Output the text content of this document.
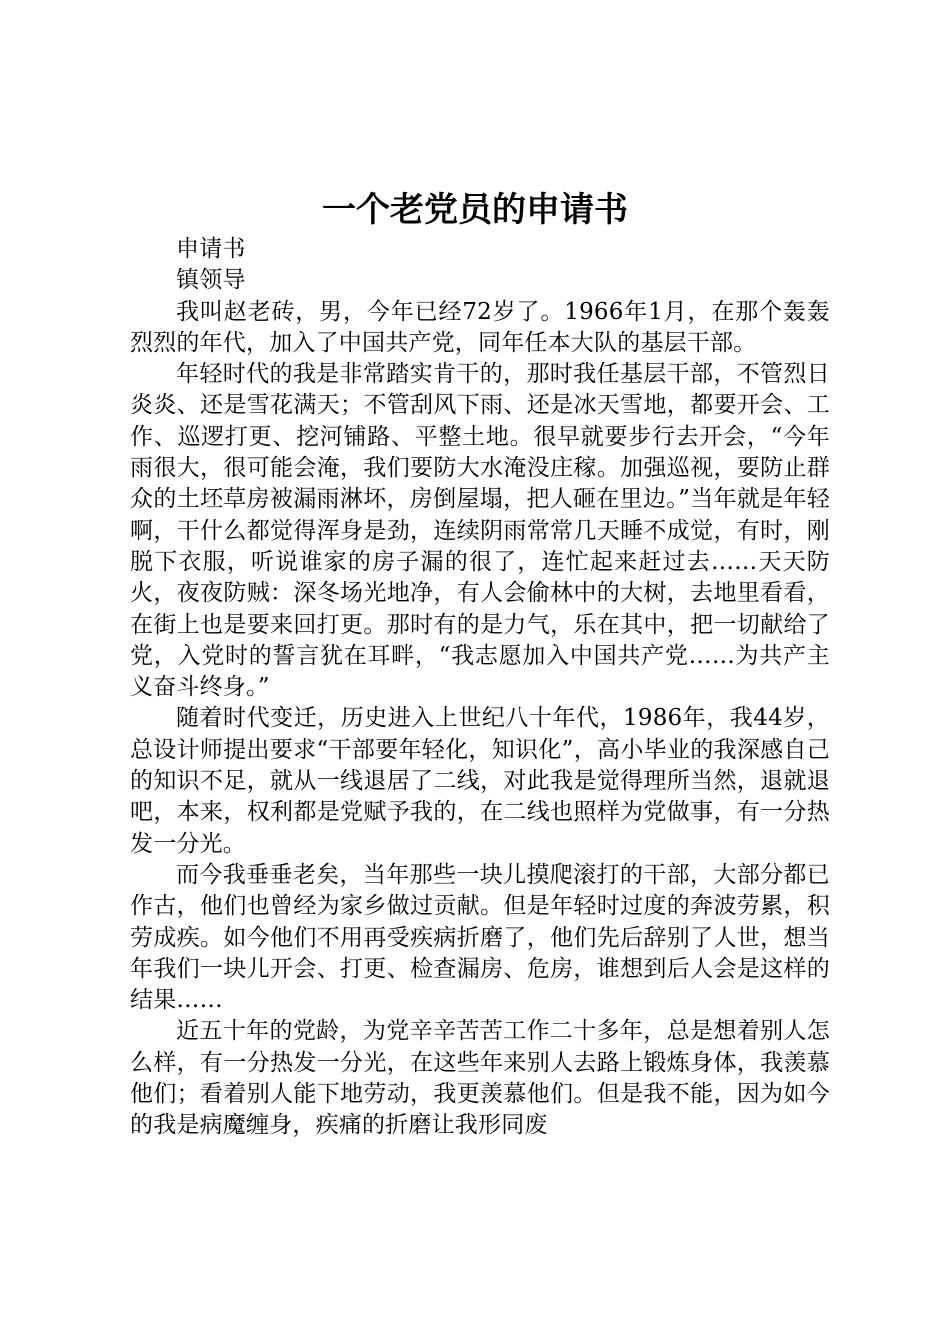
一个老党员的申请书

申请书

镇领导

我叫赵老砖，男，今年已经72岁了。1966年1月，在那个轰轰烈烈的年代，加入了中国共产党，同年任本大队的基层干部。

年轻时代的我是非常踏实肯干的，那时我任基层干部，不管烈日炎炎、还是雪花满天；不管刮风下雨、还是冰天雪地，都要开会、工作、巡逻打更、挖河铺路、平整土地。很早就要步行去开会，“今年雨很大，很可能会淹，我们要防大水淹没庄稼。加强巡视，要防止群众的土坯草房被漏雨淋坏，房倒屋塌，把人砸在里边。”当年就是年轻啊，干什么都觉得浑身是劲，连续阴雨常常几天睡不成觉，有时，刚脱下衣服，听说谁家的房子漏的很了，连忙起来赶过去……天天防火，夜夜防贼：深冬场光地净，有人会偷林中的大树，去地里看看，在街上也是要来回打更。那时有的是力气，乐在其中，把一切献给了党，入党时的誓言犹在耳畔，“我志愿加入中国共产党……为共产主义奋斗终身。”

随着时代变迁，历史进入上世纪八十年代，1986年，我44岁，总设计师提出要求“干部要年轻化，知识化”，高小毕业的我深感自己的知识不足，就从一线退居了二线，对此我是觉得理所当然，退就退吧，本来，权利都是党赋予我的，在二线也照样为党做事，有一分热发一分光。

而今我垂垂老矣，当年那些一块儿摸爬滚打的干部，大部分都已作古，他们也曾经为家乡做过贡献。但是年轻时过度的奔波劳累，积劳成疾。如今他们不用再受疾病折磨了，他们先后辞别了人世，想当年我们一块儿开会、打更、检查漏房、危房，谁想到后人会是这样的结果……

近五十年的党龄，为党辛辛苦苦工作二十多年，总是想着别人怎么样，有一分热发一分光，在这些年来别人去路上锻炼身体，我羡慕他们；看着别人能下地劳动，我更羡慕他们。但是我不能，因为如今的我是病魔缠身，疾痛的折磨让我形同废
